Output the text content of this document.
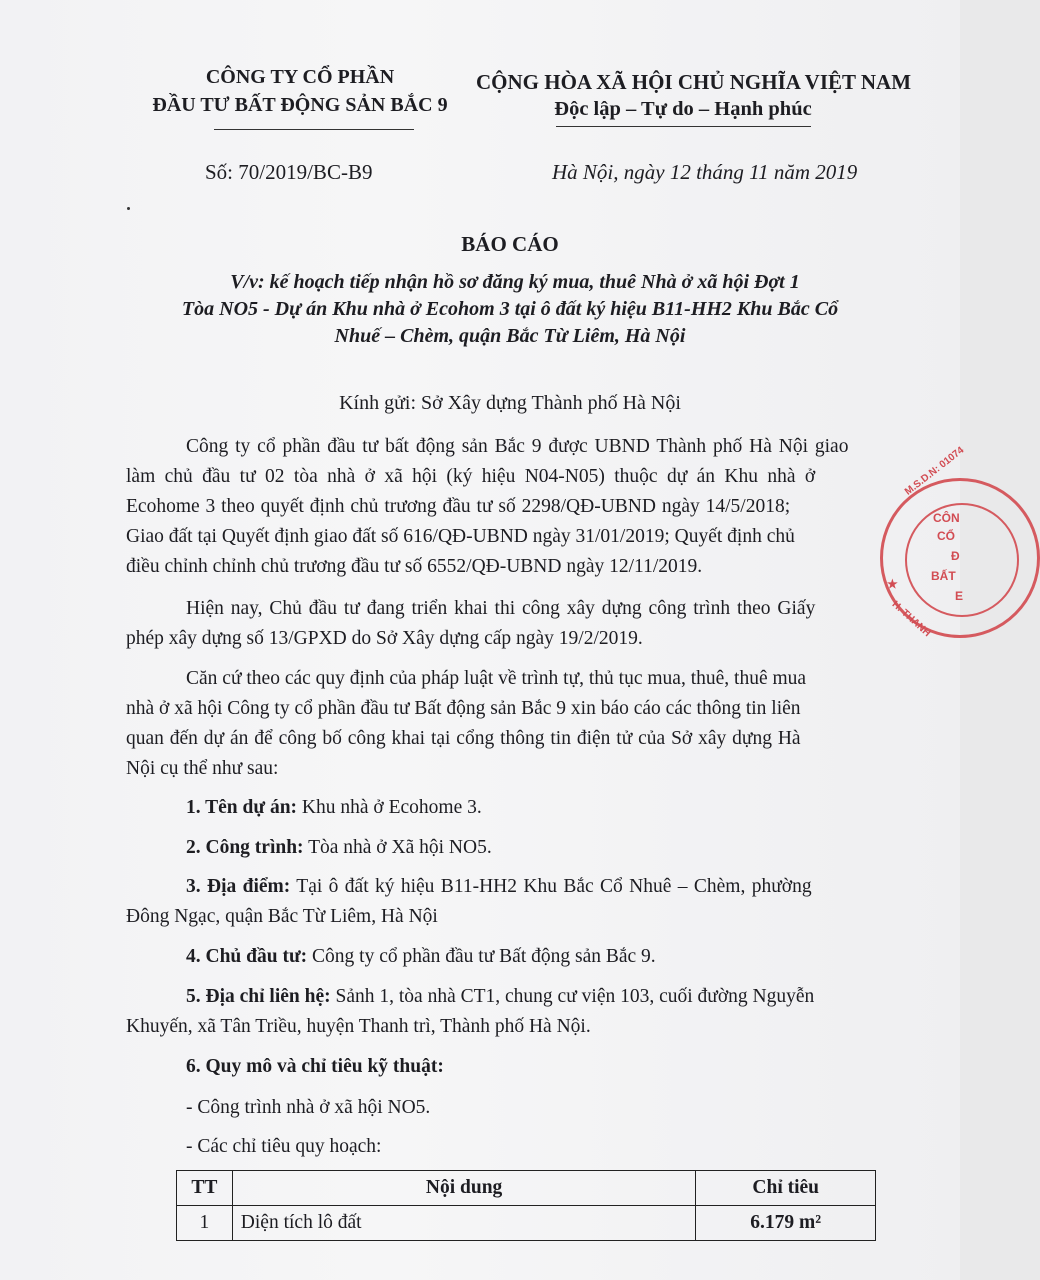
CÔNG TY CỔ PHẦN
ĐẦU TƯ BẤT ĐỘNG SẢN BẮC 9
CỘNG HÒA XÃ HỘI CHỦ NGHĨA VIỆT NAM
Độc lập – Tự do – Hạnh phúc
Số: 70/2019/BC-B9	Hà Nội, ngày 12 tháng 11 năm 2019
BÁO CÁO
V/v: kế hoạch tiếp nhận hồ sơ đăng ký mua, thuê Nhà ở xã hội Đợt 1
Tòa NO5 - Dự án Khu nhà ở Ecohom 3 tại ô đất ký hiệu B11-HH2 Khu Bắc Cổ
Nhuế – Chèm, quận Bắc Từ Liêm, Hà Nội
Kính gửi: Sở Xây dựng Thành phố Hà Nội
Công ty cổ phần đầu tư bất động sản Bắc 9 được UBND Thành phố Hà Nội giao
làm chủ đầu tư 02 tòa nhà ở xã hội (ký hiệu N04-N05) thuộc dự án Khu nhà ở
Ecohome 3 theo quyết định chủ trương đầu tư số 2298/QĐ-UBND ngày 14/5/2018;
Giao đất tại Quyết định giao đất số 616/QĐ-UBND ngày 31/01/2019; Quyết định chủ
điều chỉnh chỉnh chủ trương đầu tư số 6552/QĐ-UBND ngày 12/11/2019.
Hiện nay, Chủ đầu tư đang triển khai thi công xây dựng công trình theo Giấy
phép xây dựng số 13/GPXD do Sở Xây dựng cấp ngày 19/2/2019.
Căn cứ theo các quy định của pháp luật về trình tự, thủ tục mua, thuê, thuê mua
nhà ở xã hội Công ty cổ phần đầu tư Bất động sản Bắc 9 xin báo cáo các thông tin liên
quan đến dự án để công bố công khai tại cổng thông tin điện tử của Sở xây dựng Hà
Nội cụ thể như sau:
1. Tên dự án: Khu nhà ở Ecohome 3.
2. Công trình: Tòa nhà ở Xã hội NO5.
3. Địa điểm: Tại ô đất ký hiệu B11-HH2 Khu Bắc Cổ Nhuê – Chèm, phường
Đông Ngạc, quận Bắc Từ Liêm, Hà Nội
4. Chủ đầu tư: Công ty cổ phần đầu tư Bất động sản Bắc 9.
5. Địa chỉ liên hệ: Sảnh 1, tòa nhà CT1, chung cư viện 103, cuối đường Nguyễn
Khuyến, xã Tân Triều, huyện Thanh trì, Thành phố Hà Nội.
6. Quy mô và chỉ tiêu kỹ thuật:
- Công trình nhà ở xã hội NO5.
- Các chỉ tiêu quy hoạch:
TT	Nội dung	Chỉ tiêu
1	Diện tích lô đất	6.179 m²
M.S.D.N: 01074
★
H. THANH
CÔN
CỔ
Đ
BẤT
E
